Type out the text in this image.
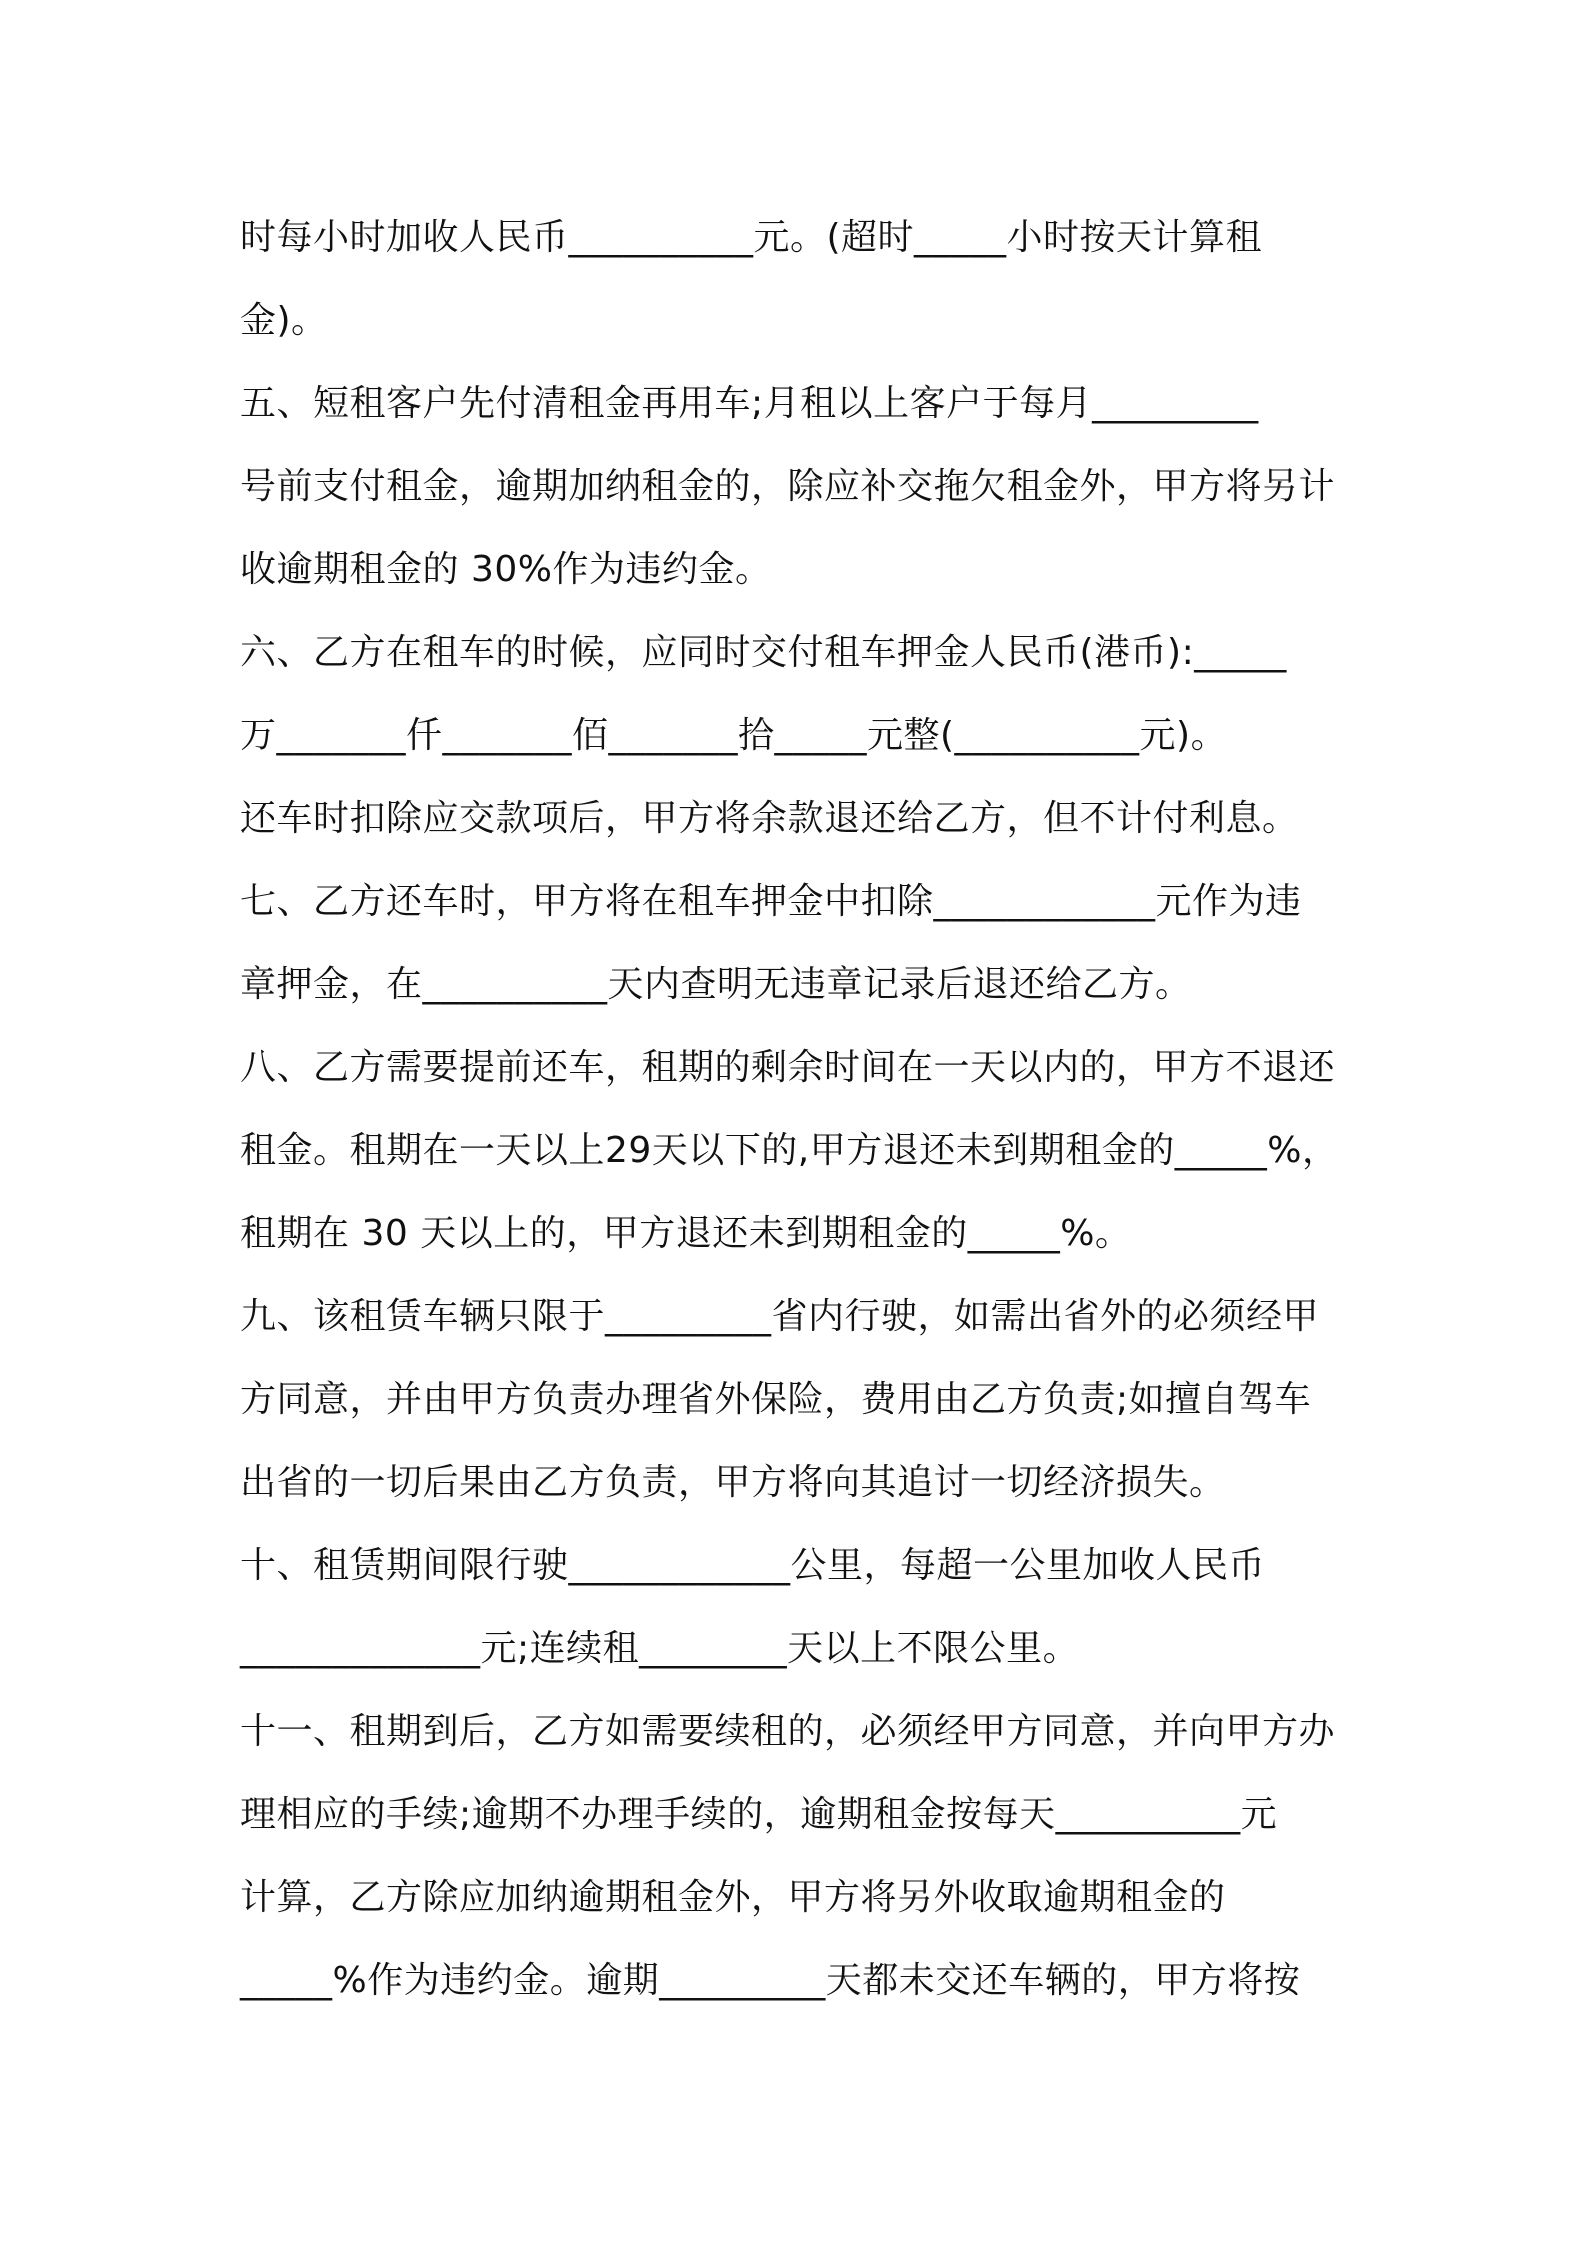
时每小时加收人民币__________元。(超时_____小时按天计算租
金)。
五、短租客户先付清租金再用车;月租以上客户于每月_________
号前支付租金，逾期加纳租金的，除应补交拖欠租金外，甲方将另计
收逾期租金的 30%作为违约金。
六、乙方在租车的时候，应同时交付租车押金人民币(港币):_____
万_______仟_______佰_______拾_____元整(__________元)。
还车时扣除应交款项后，甲方将余款退还给乙方，但不计付利息。
七、乙方还车时，甲方将在租车押金中扣除____________元作为违
章押金，在__________天内查明无违章记录后退还给乙方。
八、乙方需要提前还车，租期的剩余时间在一天以内的，甲方不退还
租金。租期在一天以上29天以下的,甲方退还未到期租金的_____%，
租期在 30 天以上的，甲方退还未到期租金的_____%。
九、该租赁车辆只限于_________省内行驶，如需出省外的必须经甲
方同意，并由甲方负责办理省外保险，费用由乙方负责;如擅自驾车
出省的一切后果由乙方负责，甲方将向其追讨一切经济损失。
十、租赁期间限行驶____________公里，每超一公里加收人民币
_____________元;连续租________天以上不限公里。
十一、租期到后，乙方如需要续租的，必须经甲方同意，并向甲方办
理相应的手续;逾期不办理手续的，逾期租金按每天__________元
计算，乙方除应加纳逾期租金外，甲方将另外收取逾期租金的
_____%作为违约金。逾期_________天都未交还车辆的，甲方将按
